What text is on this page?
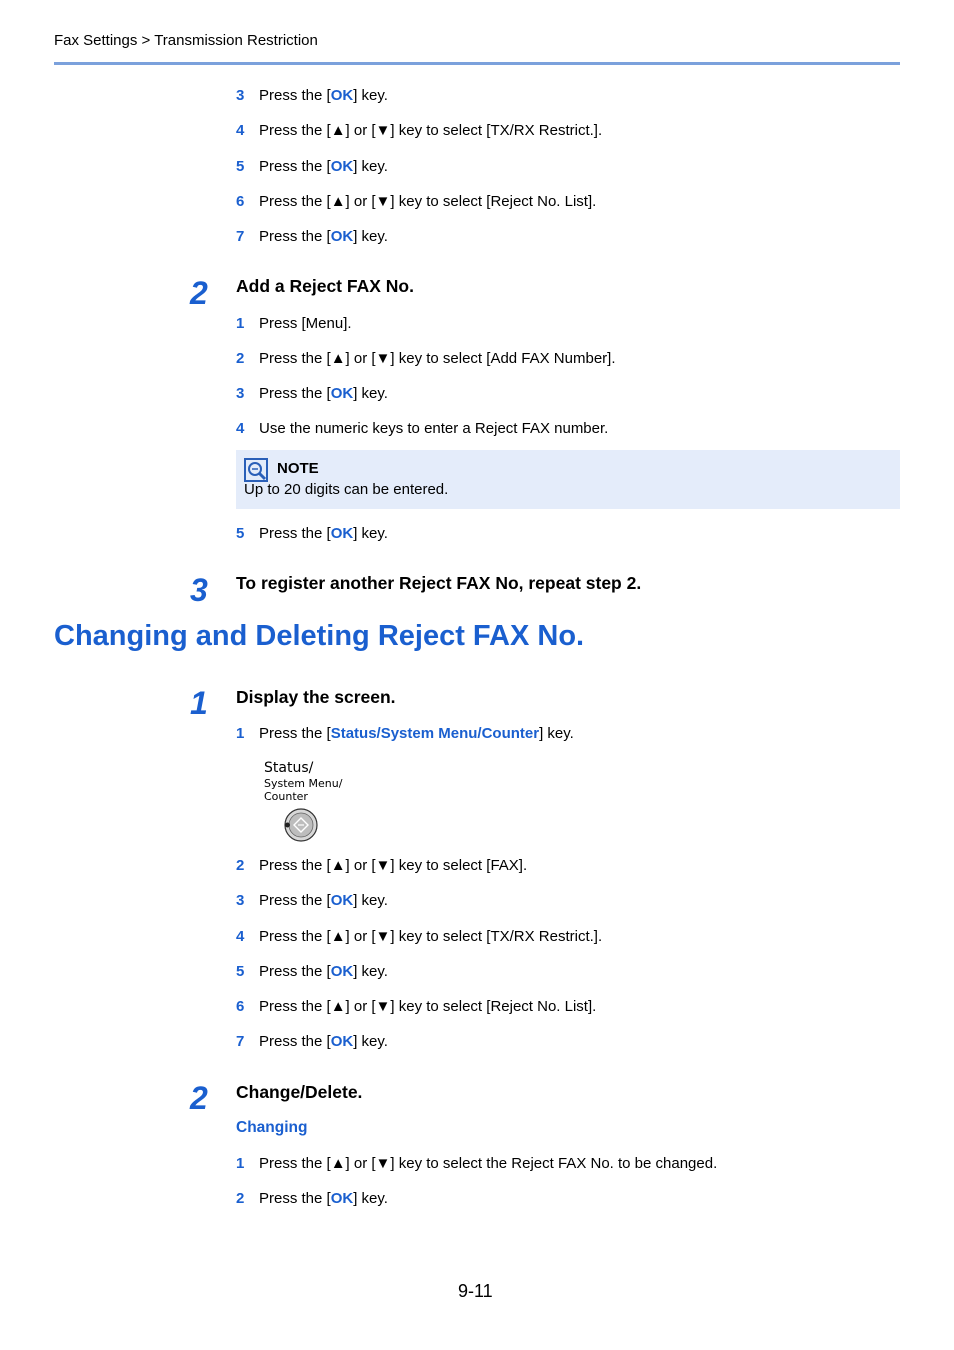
Fax Settings > Transmission Restriction
3 Press the [OK] key.
4 Press the [▲] or [▼] key to select [TX/RX Restrict.].
5 Press the [OK] key.
6 Press the [▲] or [▼] key to select [Reject No. List].
7 Press the [OK] key.
2 Add a Reject FAX No.
1 Press [Menu].
2 Press the [▲] or [▼] key to select [Add FAX Number].
3 Press the [OK] key.
4 Use the numeric keys to enter a Reject FAX number.
NOTE
Up to 20 digits can be entered.
5 Press the [OK] key.
3 To register another Reject FAX No, repeat step 2.
Changing and Deleting Reject FAX No.
1 Display the screen.
1 Press the [Status/System Menu/Counter] key.
Status/
System Menu/
Counter
2 Press the [▲] or [▼] key to select [FAX].
3 Press the [OK] key.
4 Press the [▲] or [▼] key to select [TX/RX Restrict.].
5 Press the [OK] key.
6 Press the [▲] or [▼] key to select [Reject No. List].
7 Press the [OK] key.
2 Change/Delete.
Changing
1 Press the [▲] or [▼] key to select the Reject FAX No. to be changed.
2 Press the [OK] key.
9-11
